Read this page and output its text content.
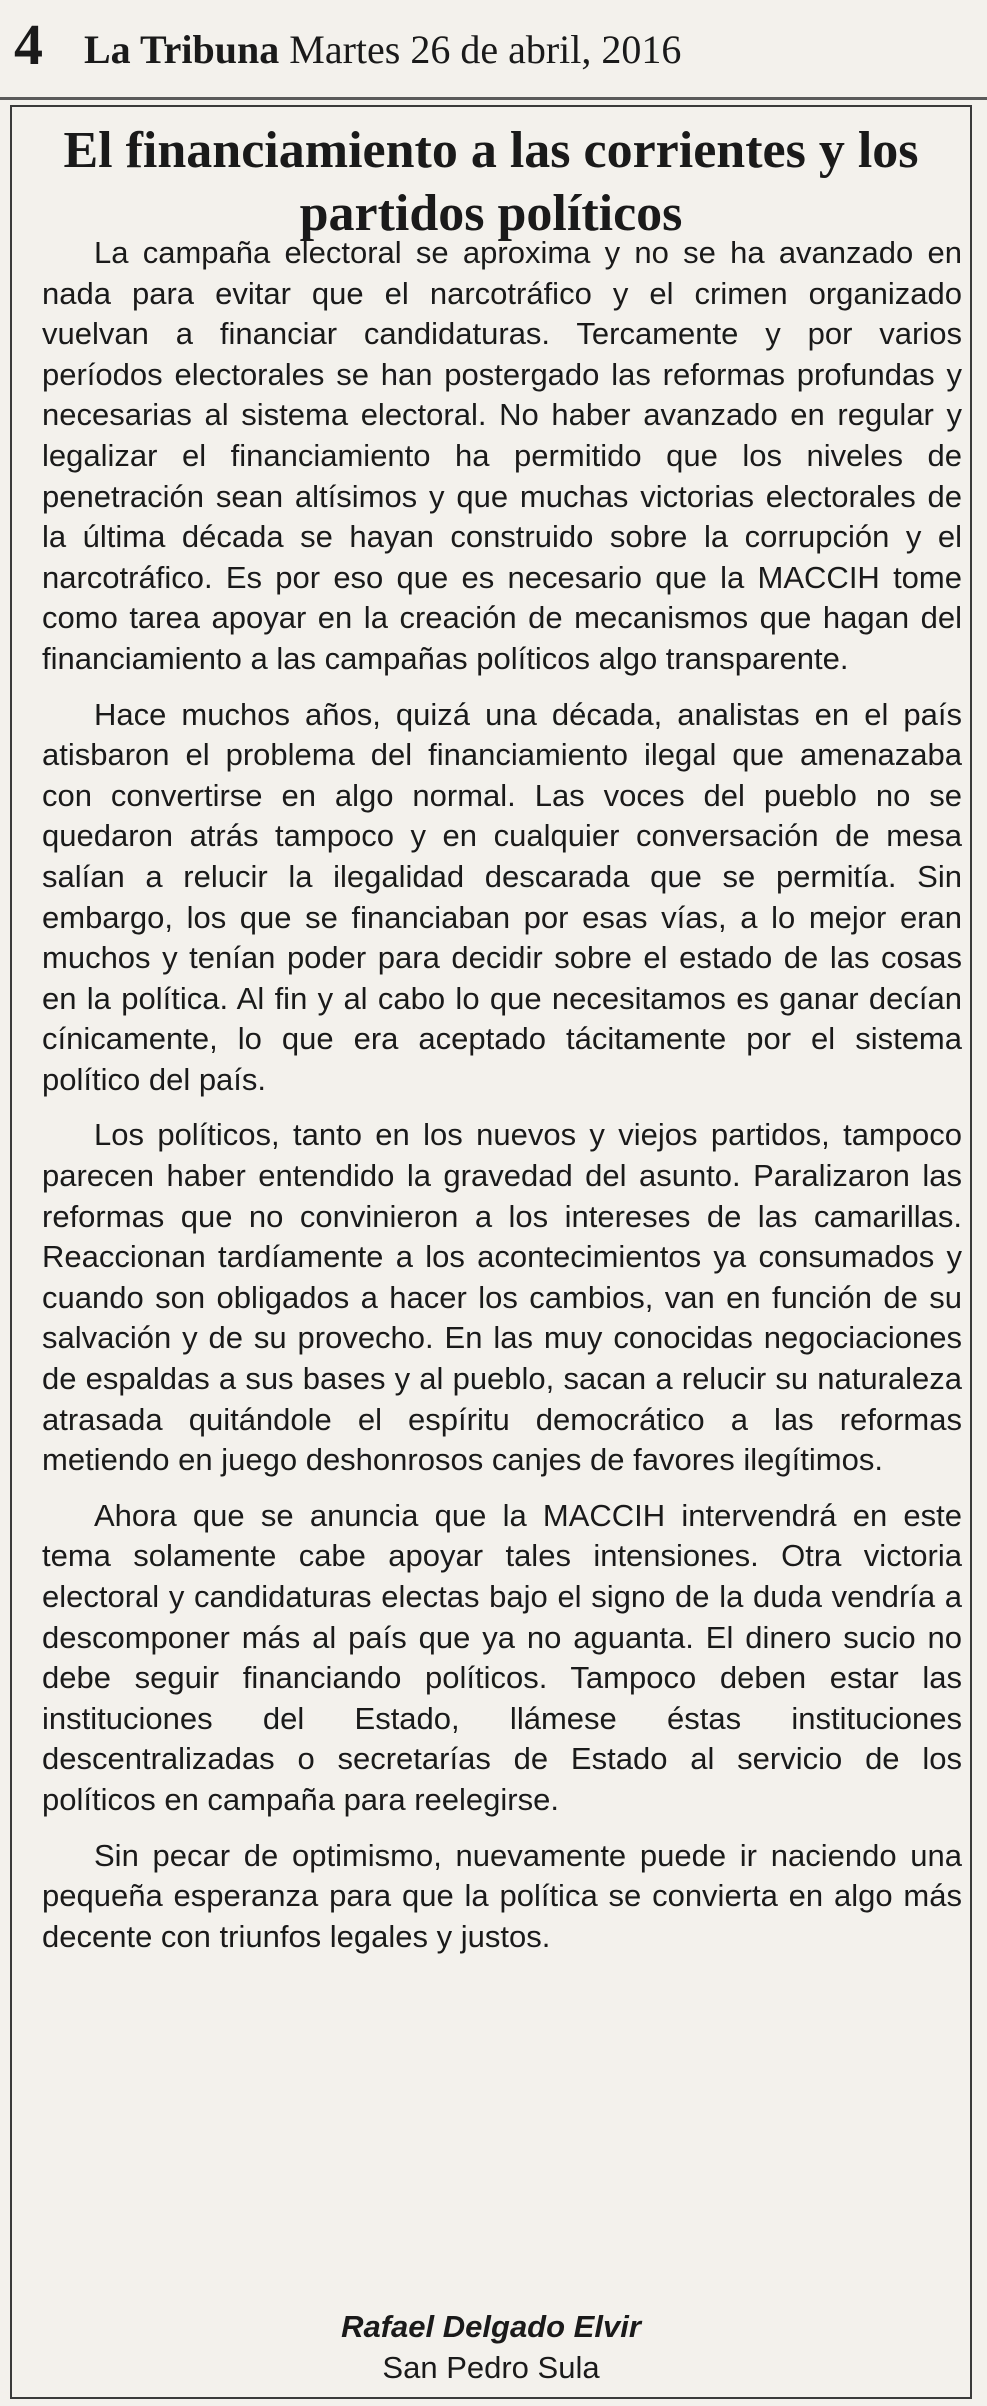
4 La Tribuna Martes 26 de abril, 2016
El financiamiento a las corrientes y los partidos políticos

La campaña electoral se aproxima y no se ha avanzado en nada para evitar que el narcotráfico y el crimen organizado vuelvan a financiar candidaturas. Tercamente y por varios períodos electorales se han postergado las reformas profundas y necesarias al sistema electoral. No haber avanzado en regular y legalizar el financiamiento ha permitido que los niveles de penetración sean altísimos y que muchas victorias electorales de la última década se hayan construido sobre la corrupción y el narcotráfico. Es por eso que es necesario que la MACCIH tome como tarea apoyar en la creación de mecanismos que hagan del financiamiento a las campañas políticos algo transparente.

Hace muchos años, quizá una década, analistas en el país atisbaron el problema del financiamiento ilegal que amenazaba con convertirse en algo normal. Las voces del pueblo no se quedaron atrás tampoco y en cualquier conversación de mesa salían a relucir la ilegalidad descarada que se permitía. Sin embargo, los que se financiaban por esas vías, a lo mejor eran muchos y tenían poder para decidir sobre el estado de las cosas en la política. Al fin y al cabo lo que necesitamos es ganar decían cínicamente, lo que era aceptado tácitamente por el sistema político del país.

Los políticos, tanto en los nuevos y viejos partidos, tampoco parecen haber entendido la gravedad del asunto. Paralizaron las reformas que no convinieron a los intereses de las camarillas. Reaccionan tardíamente a los acontecimientos ya consumados y cuando son obligados a hacer los cambios, van en función de su salvación y de su provecho. En las muy conocidas negociaciones de espaldas a sus bases y al pueblo, sacan a relucir su naturaleza atrasada quitándole el espíritu democrático a las reformas metiendo en juego deshonrosos canjes de favores ilegítimos.

Ahora que se anuncia que la MACCIH intervendrá en este tema solamente cabe apoyar tales intensiones. Otra victoria electoral y candidaturas electas bajo el signo de la duda vendría a descomponer más al país que ya no aguanta. El dinero sucio no debe seguir financiando políticos. Tampoco deben estar las instituciones del Estado, llámese éstas instituciones descentralizadas o secretarías de Estado al servicio de los políticos en campaña para reelegirse.

Sin pecar de optimismo, nuevamente puede ir naciendo una pequeña esperanza para que la política se convierta en algo más decente con triunfos legales y justos.

Rafael Delgado Elvir
San Pedro Sula
